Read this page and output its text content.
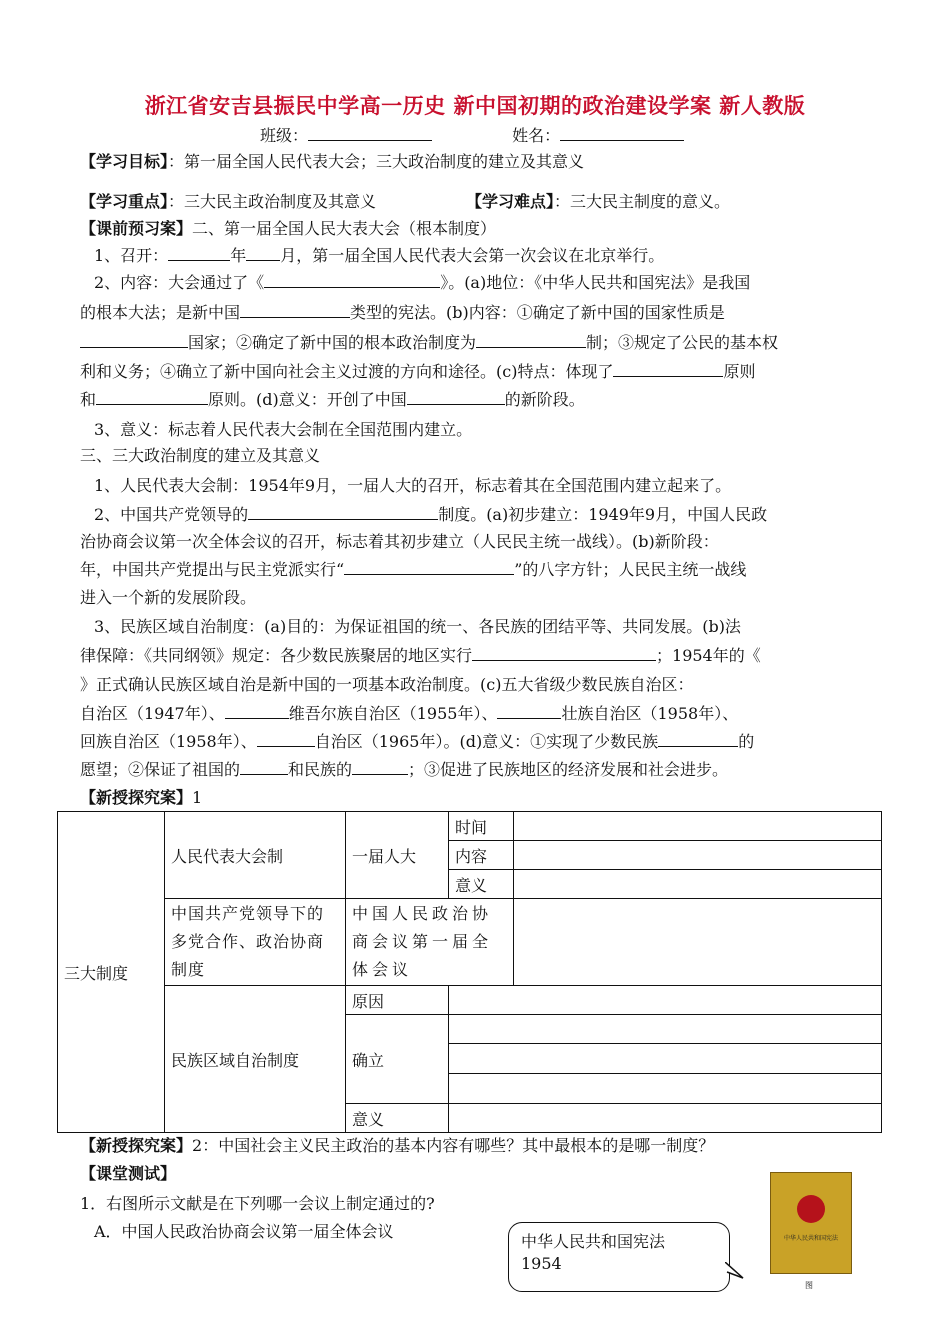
浙江省安吉县振民中学高一历史 新中国初期的政治建设学案 新人教版
班级：	姓名：
【学习目标】：第一届全国人民代表大会；三大政治制度的建立及其意义
【学习重点】：三大民主政治制度及其意义	【学习难点】：三大民主制度的意义。
【课前预习案】二、第一届全国人民大表大会（根本制度）
1、召开：	年 月，第一届全国人民代表大会第一次会议在北京举行。
2、内容：大会通过了《	》。(a)地位：《中华人民共和国宪法》是我国
的根本大法；是新中国	类型的宪法。(b)内容：①确定了新中国的国家性质是
国家；②确定了新中国的根本政治制度为	制；③规定了公民的基本权
利和义务；④确立了新中国向社会主义过渡的方向和途径。(c)特点：体现了	原则
和	原则。(d)意义：开创了中国	的新阶段。
3、意义：标志着人民代表大会制在全国范围内建立。
三、三大政治制度的建立及其意义
1、人民代表大会制：1954年9月，一届人大的召开，标志着其在全国范围内建立起来了。
2、中国共产党领导的	制度。(a)初步建立：1949年9月，中国人民政
治协商会议第一次全体会议的召开，标志着其初步建立（人民民主统一战线）。(b)新阶段：
年，中国共产党提出与民主党派实行“	”的八字方针；人民民主统一战线
进入一个新的发展阶段。
3、民族区域自治制度：(a)目的：为保证祖国的统一、各民族的团结平等、共同发展。(b)法
律保障：《共同纲领》规定：各少数民族聚居的地区实行	；1954年的《
》正式确认民族区域自治是新中国的一项基本政治制度。(c)五大省级少数民族自治区：
自治区（1947年）、	维吾尔族自治区（1955年）、	壮族自治区（1958年）、
回族自治区（1958年）、	自治区（1965年）。(d)意义：①实现了少数民族	的
愿望；②保证了祖国的	和民族的	；③促进了民族地区的经济发展和社会进步。
【新授探究案】1
三大制度	人民代表大会制	一届人大	时间	
			内容	
			意义	
	中国共产党领导下的多党合作、政治协商制度	中国人民政治协商会议第一届全体会议		
	民族区域自治制度	原因		
		确立		

		意义		
【新授探究案】2：中国社会主义民主政治的基本内容有哪些？其中最根本的是哪一制度？
【课堂测试】
1．右图所示文献是在下列哪一会议上制定通过的?
A．中国人民政治协商会议第一届全体会议
中华人民共和国宪法
1954
中华人民共和国宪法
图
